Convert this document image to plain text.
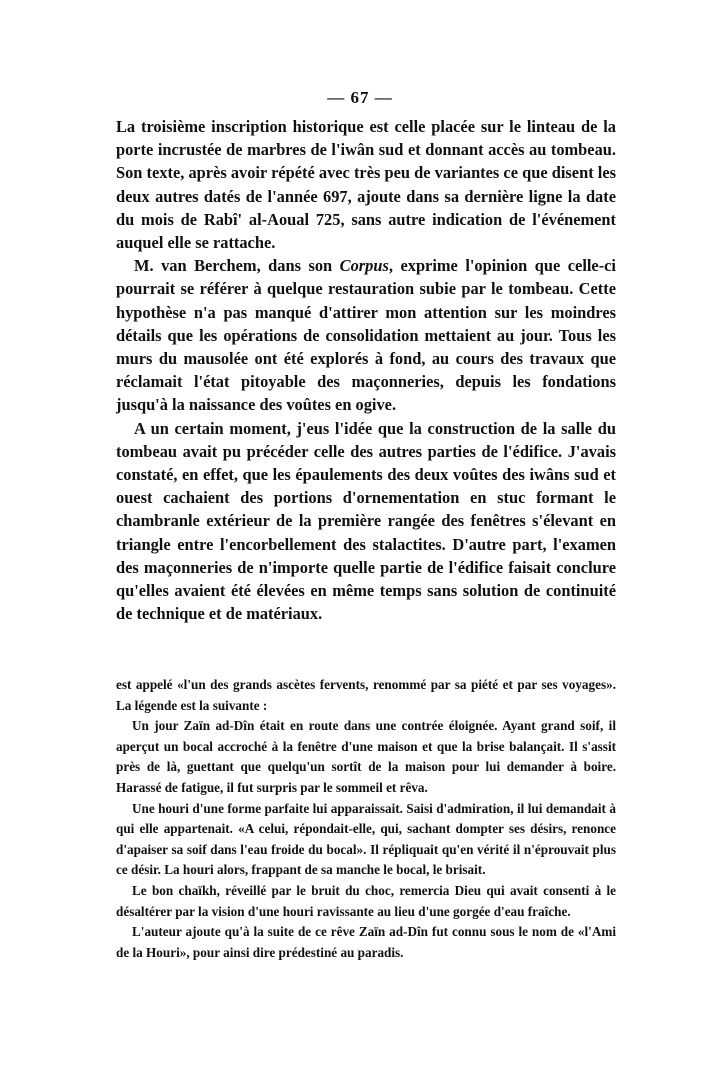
— 67 —

La troisième inscription historique est celle placée sur le linteau de la porte incrustée de marbres de l'iwân sud et donnant accès au tombeau. Son texte, après avoir répété avec très peu de variantes ce que disent les deux autres datés de l'année 697, ajoute dans sa dernière ligne la date du mois de Rabî' al-Aoual 725, sans autre indication de l'événement auquel elle se rattache.

M. van Berchem, dans son Corpus, exprime l'opinion que celle-ci pourrait se référer à quelque restauration subie par le tombeau. Cette hypothèse n'a pas manqué d'attirer mon attention sur les moindres détails que les opérations de consolidation mettaient au jour. Tous les murs du mausolée ont été explorés à fond, au cours des travaux que réclamait l'état pitoyable des maçonneries, depuis les fondations jusqu'à la naissance des voûtes en ogive.

A un certain moment, j'eus l'idée que la construction de la salle du tombeau avait pu précéder celle des autres parties de l'édifice. J'avais constaté, en effet, que les épaulements des deux voûtes des iwâns sud et ouest cachaient des portions d'ornementation en stuc formant le chambranle extérieur de la première rangée des fenêtres s'élevant en triangle entre l'encorbellement des stalactites. D'autre part, l'examen des maçonneries de n'importe quelle partie de l'édifice faisait conclure qu'elles avaient été élevées en même temps sans solution de continuité de technique et de matériaux.

est appelé «l'un des grands ascètes fervents, renommé par sa piété et par ses voyages». La légende est la suivante :

Un jour Zaïn ad-Dîn était en route dans une contrée éloignée. Ayant grand soif, il aperçut un bocal accroché à la fenêtre d'une maison et que la brise balançait. Il s'assit près de là, guettant que quelqu'un sortît de la maison pour lui demander à boire. Harassé de fatigue, il fut surpris par le sommeil et rêva.

Une houri d'une forme parfaite lui apparaissait. Saisi d'admiration, il lui demandait à qui elle appartenait. «A celui, répondait-elle, qui, sachant dompter ses désirs, renonce d'apaiser sa soif dans l'eau froide du bocal». Il répliquait qu'en vérité il n'éprouvait plus ce désir. La houri alors, frappant de sa manche le bocal, le brisait.

Le bon chaïkh, réveillé par le bruit du choc, remercia Dieu qui avait consenti à le désaltérer par la vision d'une houri ravissante au lieu d'une gorgée d'eau fraîche.

L'auteur ajoute qu'à la suite de ce rêve Zaïn ad-Dîn fut connu sous le nom de «l'Ami de la Houri», pour ainsi dire prédestiné au paradis.
